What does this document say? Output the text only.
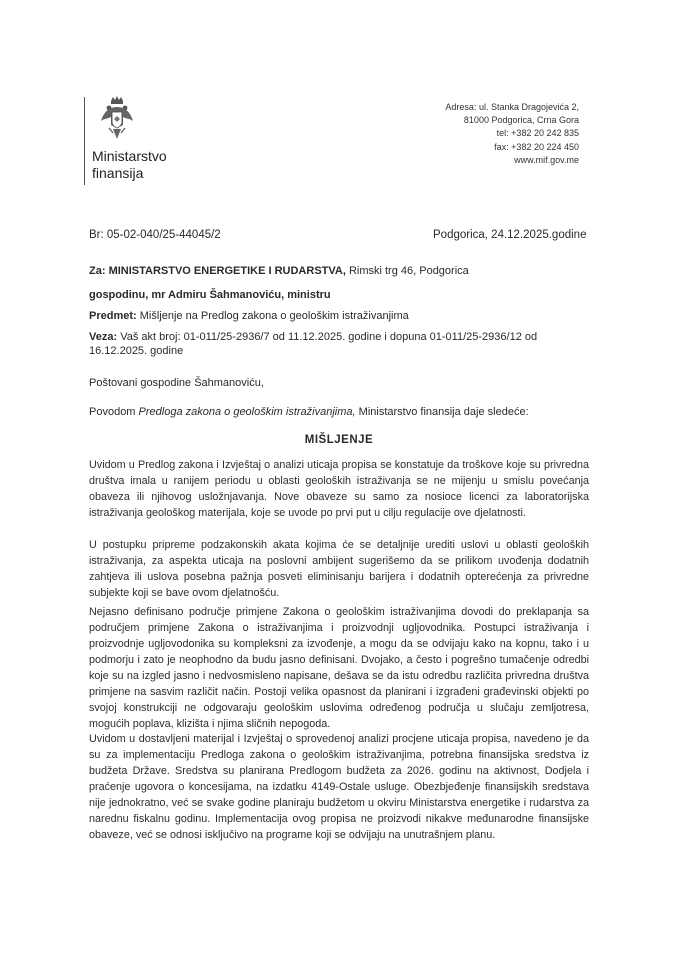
Ministarstvo
finansija
Adresa: ul. Stanka Dragojevića 2,
81000 Podgorica, Crna Gora
tel: +382 20 242 835
fax: +382 20 224 450
www.mif.gov.me
Br: 05-02-040/25-44045/2	Podgorica, 24.12.2025.godine
Za: MINISTARSTVO ENERGETIKE I RUDARSTVA, Rimski trg 46, Podgorica
gospodinu, mr Admiru Šahmanoviću, ministru
Predmet: Mišljenje na Predlog zakona o geološkim istraživanjima
Veza: Vaš akt broj: 01-011/25-2936/7 od 11.12.2025. godine i dopuna 01-011/25-2936/12 od 16.12.2025. godine
Poštovani gospodine Šahmanoviću,
Povodom Predloga zakona o geološkim istraživanjima, Ministarstvo finansija daje sledeće:
MIŠLJENJE
Uvidom u Predlog zakona i Izvještaj o analizi uticaja propisa se konstatuje da troškove koje su privredna društva imala u ranijem periodu u oblasti geoloških istraživanja se ne mijenju u smislu povećanja obaveza ili njihovog usložnjavanja. Nove obaveze su samo za nosioce licenci za laboratorijska istraživanja geološkog materijala, koje se uvode po prvi put u cilju regulacije ove djelatnosti.
U postupku pripreme podzakonskih akata kojima će se detaljnije urediti uslovi u oblasti geoloških istraživanja, za aspekta uticaja na poslovni ambijent sugerišemo da se prilikom uvođenja dodatnih zahtjeva ili uslova posebna pažnja posveti eliminisanju barijera i dodatnih opterećenja za privredne subjekte koji se bave ovom djelatnošću.
Nejasno definisano područje primjene Zakona o geološkim istraživanjima dovodi do preklapanja sa područjem primjene Zakona o istraživanjima i proizvodnji ugljovodnika. Postupci istraživanja i proizvodnje ugljovodonika su kompleksni za izvođenje, a mogu da se odvijaju kako na kopnu, tako i u podmorju i zato je neophodno da budu jasno definisani. Dvojako, a često i pogrešno tumačenje odredbi koje su na izgled jasno i nedvosmisleno napisane, dešava se da istu odredbu različita privredna društva primjene na sasvim različit način. Postoji velika opasnost da planirani i izgrađeni građevinski objekti po svojoj konstrukciji ne odgovaraju geološkim uslovima određenog područja u slučaju zemljotresa, mogućih poplava, klizišta i njima sličnih nepogoda.
Uvidom u dostavljeni materijal i Izvještaj o sprovedenoj analizi procjene uticaja propisa, navedeno je da su za implementaciju Predloga zakona o geološkim istraživanjima, potrebna finansijska sredstva iz budžeta Države. Sredstva su planirana Predlogom budžeta za 2026. godinu na aktivnost, Dodjela i praćenje ugovora o koncesijama, na izdatku 4149-Ostale usluge. Obezbjeđenje finansijskih sredstava nije jednokratno, već se svake godine planiraju budžetom u okviru Ministarstva energetike i rudarstva za narednu fiskalnu godinu. Implementacija ovog propisa ne proizvodi nikakve međunarodne finansijske obaveze, već se odnosi isključivo na programe koji se odvijaju na unutrašnjem planu.
